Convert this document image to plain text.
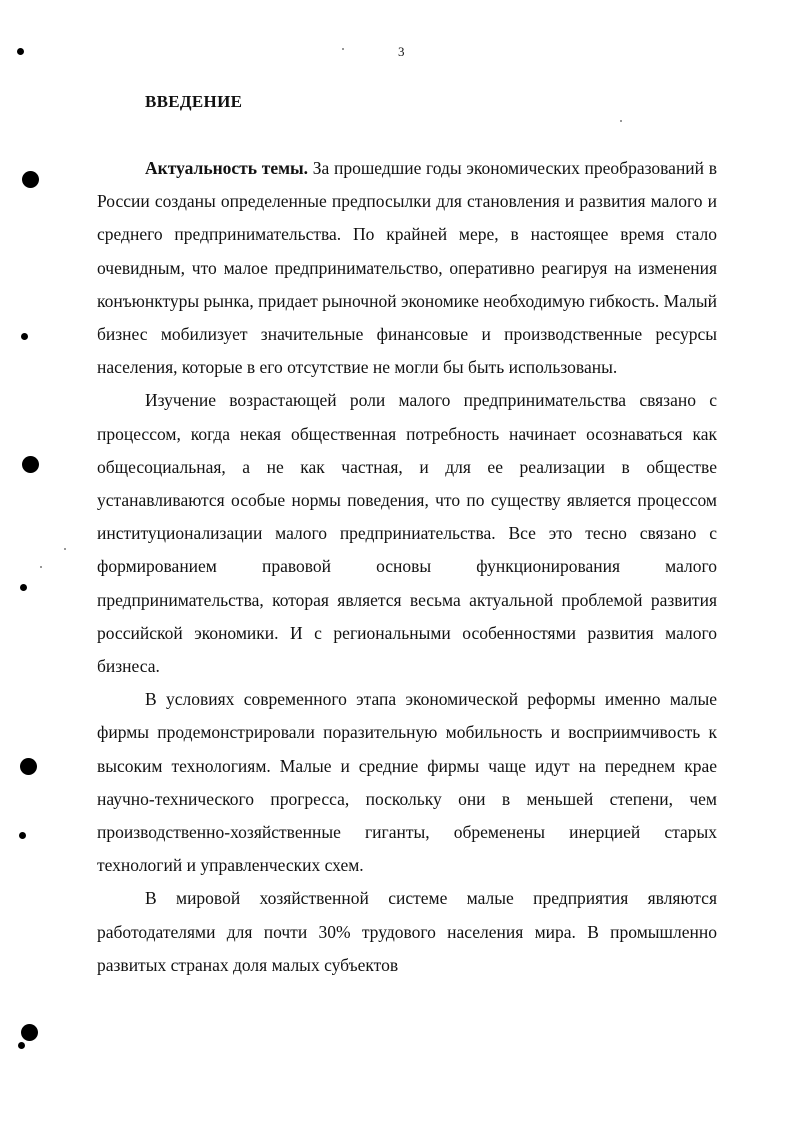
3
ВВЕДЕНИЕ

Актуальность темы. За прошедшие годы экономических преобразований в России созданы определенные предпосылки для становления и развития малого и среднего предпринимательства. По крайней мере, в настоящее время стало очевидным, что малое предпринимательство, оперативно реагируя на изменения конъюнктуры рынка, придает рыночной экономике необходимую гибкость. Малый бизнес мобилизует значительные финансовые и производственные ресурсы населения, которые в его отсутствие не могли бы быть использованы.

Изучение возрастающей роли малого предпринимательства связано с процессом, когда некая общественная потребность начинает осознаваться как общесоциальная, а не как частная, и для ее реализации в обществе устанавливаются особые нормы поведения, что по существу является процессом институционализации малого предприниательства. Все это тесно связано с формированием правовой основы функционирования малого предпринимательства, которая является весьма актуальной проблемой развития российской экономики. И с региональными особенностями развития малого бизнеса.

В условиях современного этапа экономической реформы именно малые фирмы продемонстрировали поразительную мобильность и восприимчивость к высоким технологиям. Малые и средние фирмы чаще идут на переднем крае научно-технического прогресса, поскольку они в меньшей степени, чем производственно-хозяйственные гиганты, обременены инерцией старых технологий и управленческих схем.

В мировой хозяйственной системе малые предприятия являются работодателями для почти 30% трудового населения мира. В промышленно развитых странах доля малых субъектов
